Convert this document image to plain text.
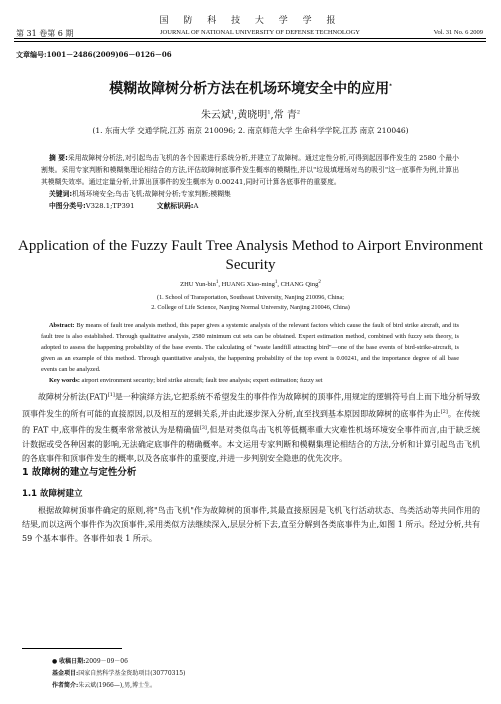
国 防 科 技 大 学 学 报
第 31 卷第 6 期	JOURNAL OF NATIONAL UNIVERSITY OF DEFENSE TECHNOLOGY	Vol. 31 No. 6 2009
文章编号:1001－2486(2009)06－0126－06
模糊故障树分析方法在机场环境安全中的应用*
朱云斌$^1$,黄晓明$^1$,常 青$^2$
(1. 东南大学 交通学院,江苏 南京 210096; 2. 南京师范大学 生命科学学院,江苏 南京 210046)
摘 要:采用故障树分析法,对引起鸟击飞机的各个因素进行系统分析,并建立了故障树。通过定性分析,可得到起因事件发生的 2580 个最小割集。采用专家判断和模糊集理论相结合的方法,评估故障树底事件发生概率的模糊性,并以"垃圾填埋场对鸟的吸引"这一底事件为例,计算出其模糊失效率。通过定量分析,计算出顶事件的发生概率为 0.00241,同时可计算各底事件的重要度。
关键词:机场环境安全;鸟击飞机;故障树分析;专家判断;模糊集
中图分类号:V328.1;TP391	文献标识码:A
Application of the Fuzzy Fault Tree Analysis Method to Airport Environment Security
ZHU Yun-bin$^1$, HUANG Xiao-ming$^1$, CHANG Qing$^2$
(1. School of Transportation, Southeast University, Nanjing 210096, China;
2. College of Life Science, Nanjing Normal University, Nanjing 210046, China)
Abstract: By means of fault tree analysis method, this paper gives a systemic analysis of the relevant factors which cause the fault of bird strike aircraft, and its fault tree is also established. Through qualitative analysis, 2580 minimum cut sets can be obtained. Expert estimation method, combined with fuzzy sets theory, is adopted to assess the happening probability of the base events. The calculating of "waste landfill attracting bird"—one of the base events of bird-strike-aircraft, is given as an example of this method. Through quantitative analysis, the happening probability of the top event is 0.00241, and the importance degree of all base events can be analyzed.
Key words: airport environment security; bird strike aircraft; fault tree analysis; expert estimation; fuzzy set
故障树分析法(FAT)[1]是一种演绎方法,它把系统不希望发生的事件作为故障树的顶事件,用规定的逻辑符号自上而下地分析导致顶事件发生的所有可能的直接原因,以及相互的逻辑关系,并由此逐步深入分析,直至找到基本原因即故障树的底事件为止[2]。在传统的 FAT 中,底事件的发生概率常常被认为是精确值[3],但是对类似鸟击飞机等低概率重大灾难性机场环境安全事件而言,由于缺乏统计数据或受各种因素的影响,无法确定底事件的精确概率。本文运用专家判断和模糊集理论相结合的方法,分析和计算引起鸟击飞机的各底事件和顶事件发生的概率,以及各底事件的重要度,并进一步判别安全隐患的优先次序。
1 故障树的建立与定性分析
1.1 故障树建立
根据故障树顶事件确定的原则,将"鸟击飞机"作为故障树的顶事件,其最直接原因是飞机飞行活动状态、鸟类活动等共同作用的结果,而以这两个事件作为次顶事件,采用类似方法继续深入,层层分析下去,直至分解到各类底事件为止,如图 1 所示。经过分析,共有 59 个基本事件。各事件如表 1 所示。
● 收稿日期:2009－09－06
基金项目:国家自然科学基金资助项目(30770315)
作者简介:朱云斌(1966—),男,博士生。
